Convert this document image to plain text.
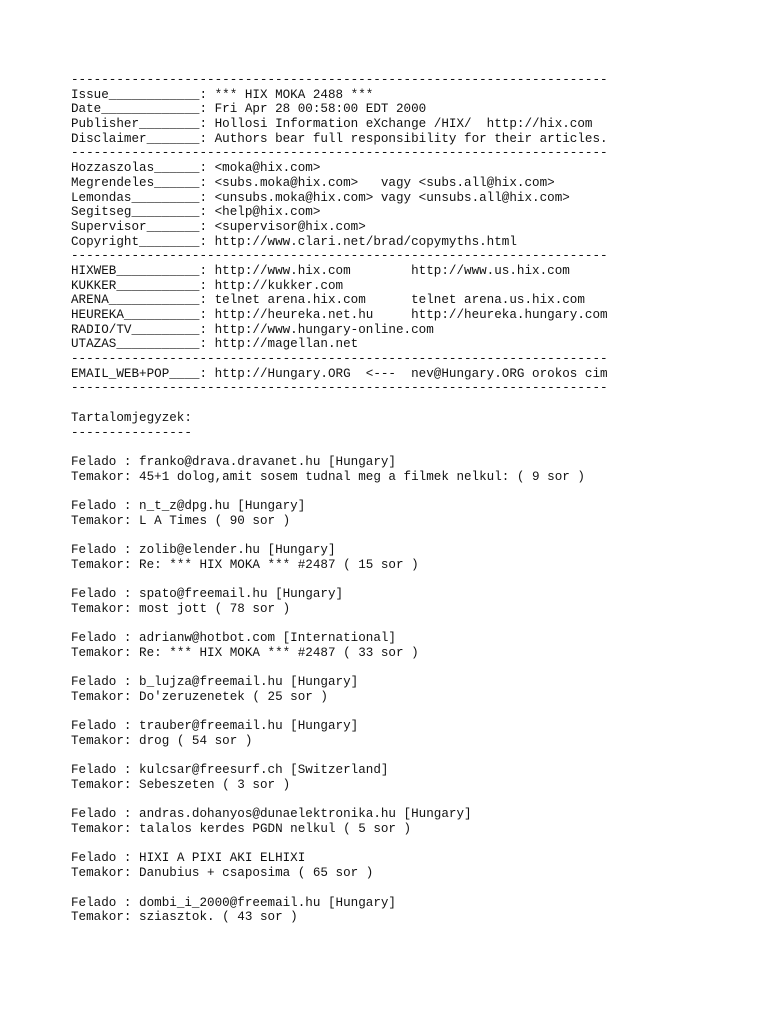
-----------------------------------------------------------------------
Issue____________: *** HIX MOKA 2488 ***
Date_____________: Fri Apr 28 00:58:00 EDT 2000
Publisher________: Hollosi Information eXchange /HIX/  http://hix.com
Disclaimer_______: Authors bear full responsibility for their articles.
-----------------------------------------------------------------------
Hozzaszolas______: <moka@hix.com>
Megrendeles______: <subs.moka@hix.com>   vagy <subs.all@hix.com>
Lemondas_________: <unsubs.moka@hix.com> vagy <unsubs.all@hix.com>
Segitseg_________: <help@hix.com>
Supervisor_______: <supervisor@hix.com>
Copyright________: http://www.clari.net/brad/copymyths.html
-----------------------------------------------------------------------
HIXWEB___________: http://www.hix.com        http://www.us.hix.com
KUKKER___________: http://kukker.com
ARENA____________: telnet arena.hix.com      telnet arena.us.hix.com
HEUREKA__________: http://heureka.net.hu     http://heureka.hungary.com
RADIO/TV_________: http://www.hungary-online.com
UTAZAS___________: http://magellan.net
-----------------------------------------------------------------------
EMAIL_WEB+POP____: http://Hungary.ORG  <---  nev@Hungary.ORG orokos cim
-----------------------------------------------------------------------
Tartalomjegyzek:
----------------
Felado : franko@drava.dravanet.hu [Hungary]
Temakor: 45+1 dolog,amit sosem tudnal meg a filmek nelkul: ( 9 sor )
Felado : n_t_z@dpg.hu [Hungary]
Temakor: L A Times ( 90 sor )
Felado : zolib@elender.hu [Hungary]
Temakor: Re: *** HIX MOKA *** #2487 ( 15 sor )
Felado : spato@freemail.hu [Hungary]
Temakor: most jott ( 78 sor )
Felado : adrianw@hotbot.com [International]
Temakor: Re: *** HIX MOKA *** #2487 ( 33 sor )
Felado : b_lujza@freemail.hu [Hungary]
Temakor: Do'zeruzenetek ( 25 sor )
Felado : trauber@freemail.hu [Hungary]
Temakor: drog ( 54 sor )
Felado : kulcsar@freesurf.ch [Switzerland]
Temakor: Sebeszeten ( 3 sor )
Felado : andras.dohanyos@dunaelektronika.hu [Hungary]
Temakor: talalos kerdes PGDN nelkul ( 5 sor )
Felado : HIXI A PIXI AKI ELHIXI
Temakor: Danubius + csaposima ( 65 sor )
Felado : dombi_i_2000@freemail.hu [Hungary]
Temakor: sziasztok. ( 43 sor )
